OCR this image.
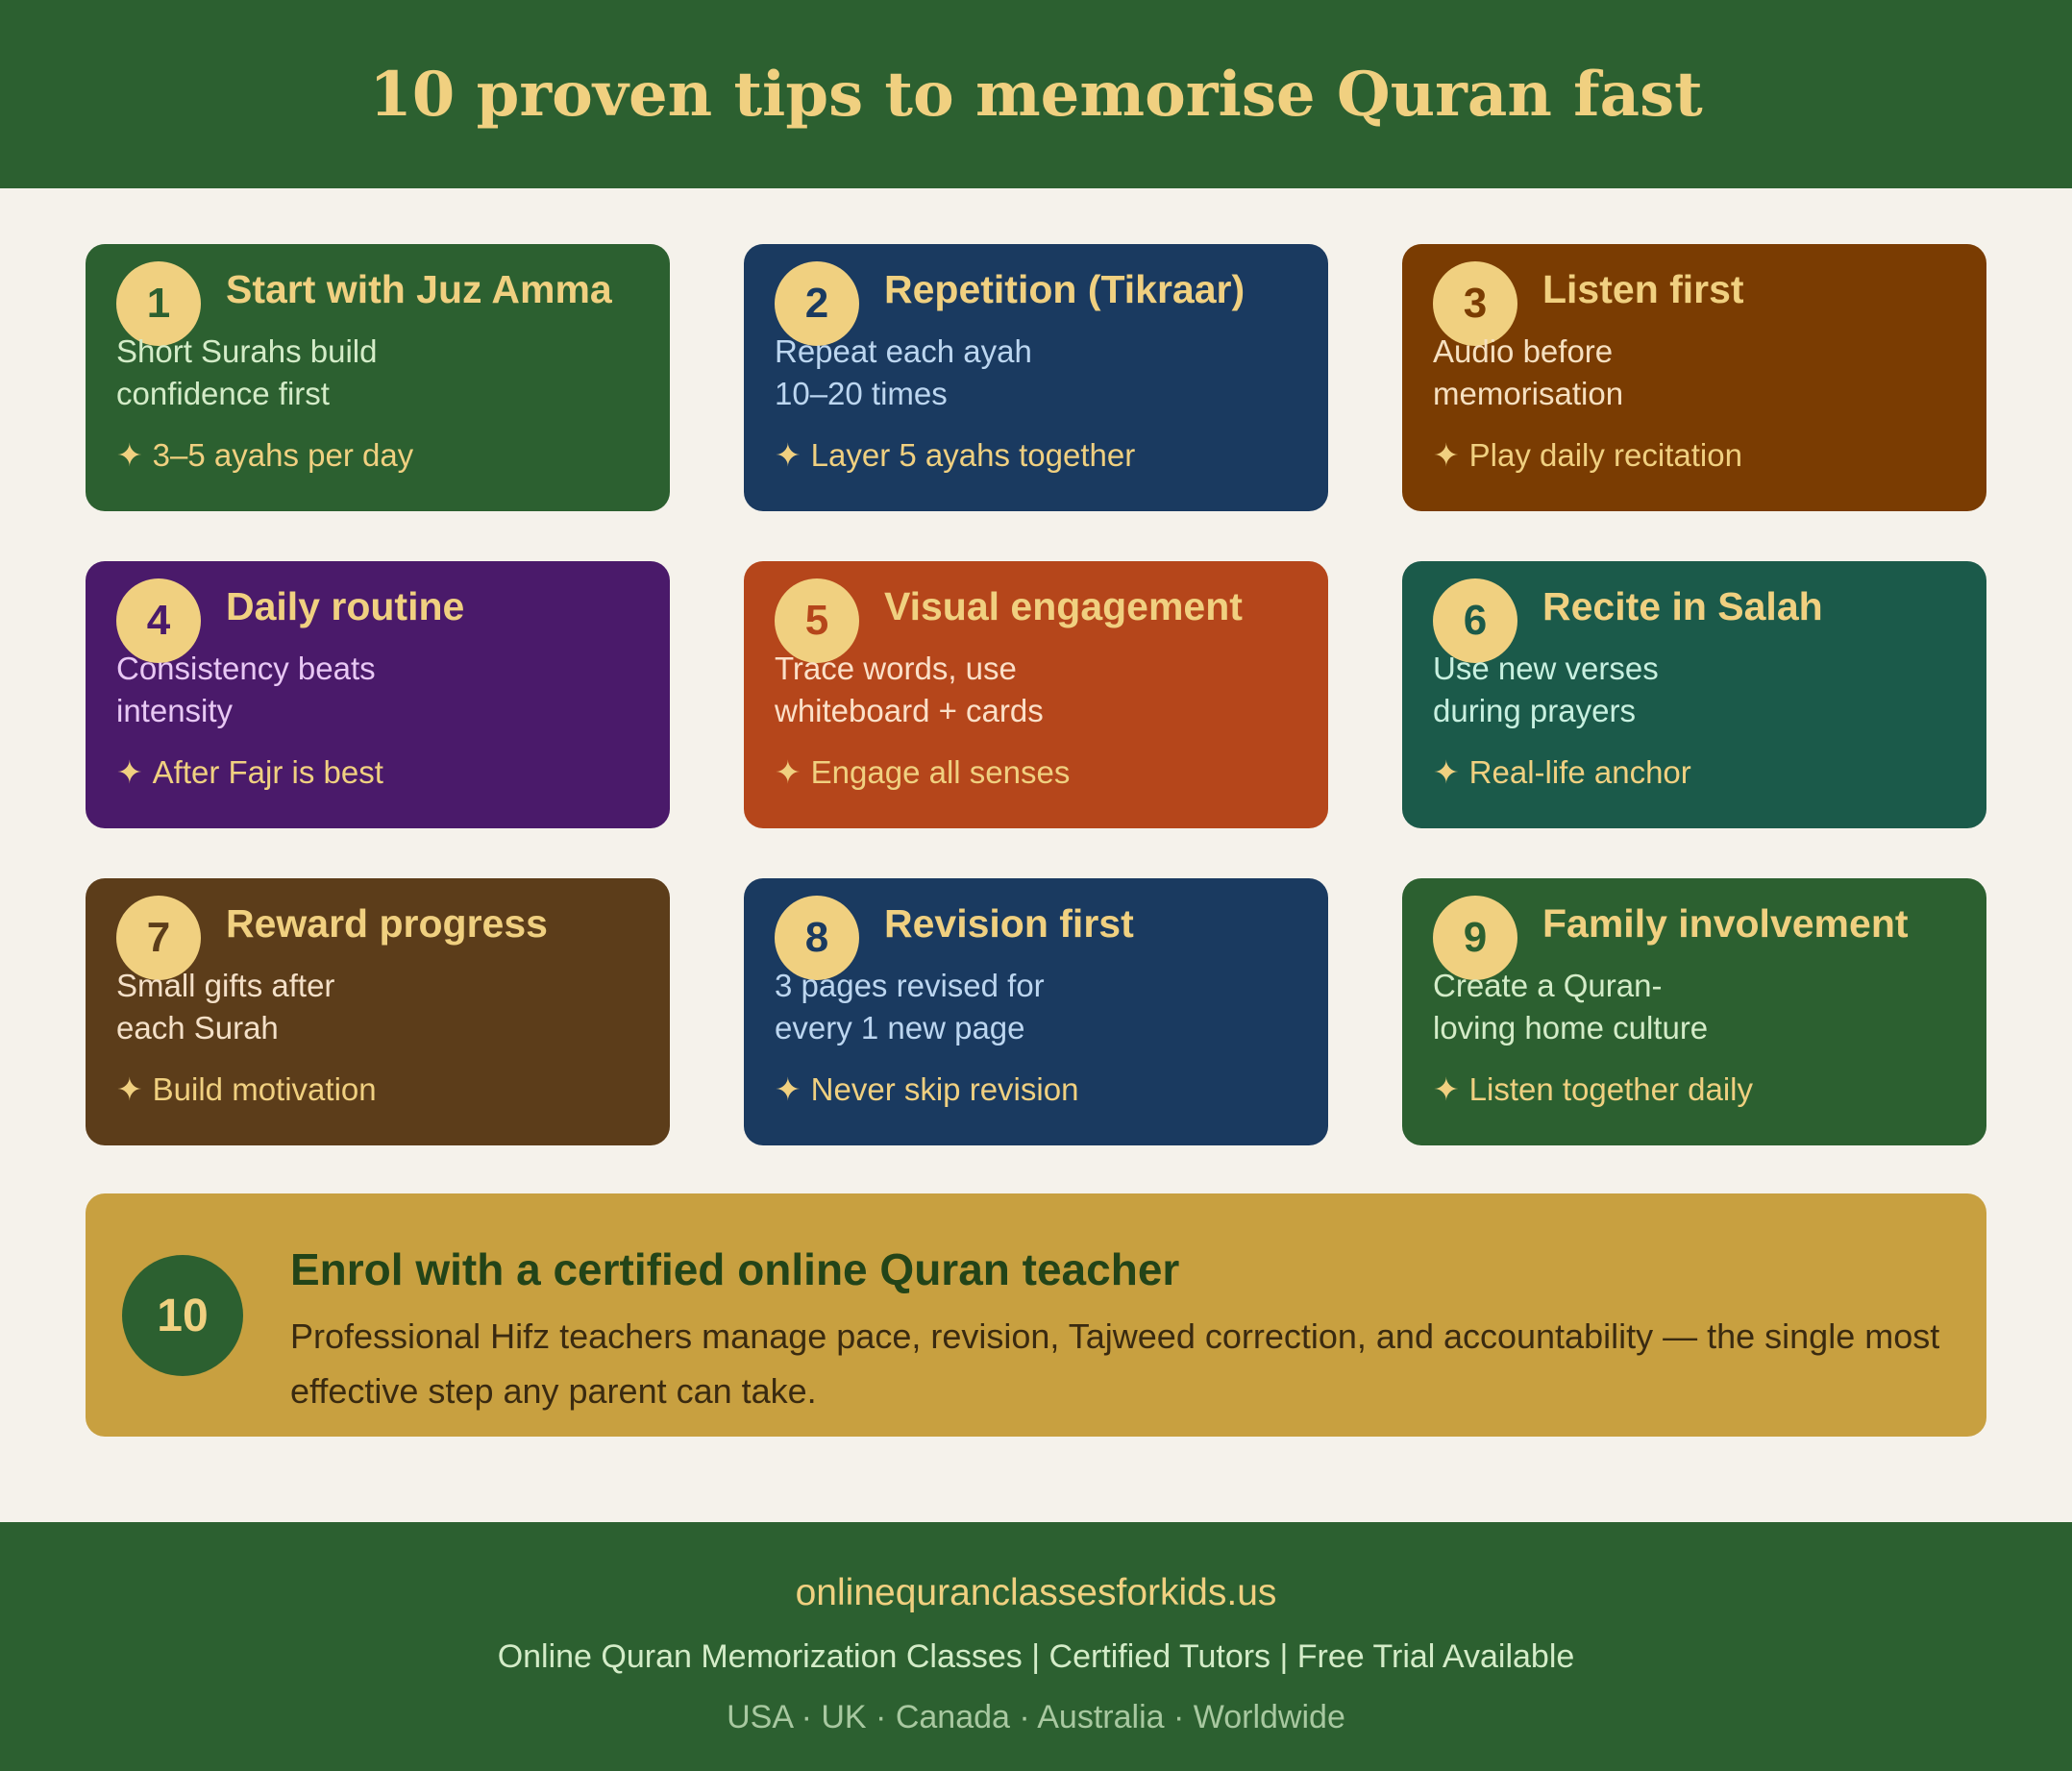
10 proven tips to memorise Quran fast
1	Start with Juz Amma
Short Surahs build
confidence first
✦ 3–5 ayahs per day
2	Repetition (Tikraar)
Repeat each ayah
10–20 times
✦ Layer 5 ayahs together
3	Listen first
Audio before
memorisation
✦ Play daily recitation
4	Daily routine
Consistency beats
intensity
✦ After Fajr is best
5	Visual engagement
Trace words, use
whiteboard + cards
✦ Engage all senses
6	Recite in Salah
Use new verses
during prayers
✦ Real-life anchor
7	Reward progress
Small gifts after
each Surah
✦ Build motivation
8	Revision first
3 pages revised for
every 1 new page
✦ Never skip revision
9	Family involvement
Create a Quran-
loving home culture
✦ Listen together daily
10
Enrol with a certified online Quran teacher
Professional Hifz teachers manage pace, revision, Tajweed correction, and accountability — the single most effective step any parent can take.
onlinequranclassesforkids.us
Online Quran Memorization Classes | Certified Tutors | Free Trial Available
USA · UK · Canada · Australia · Worldwide
